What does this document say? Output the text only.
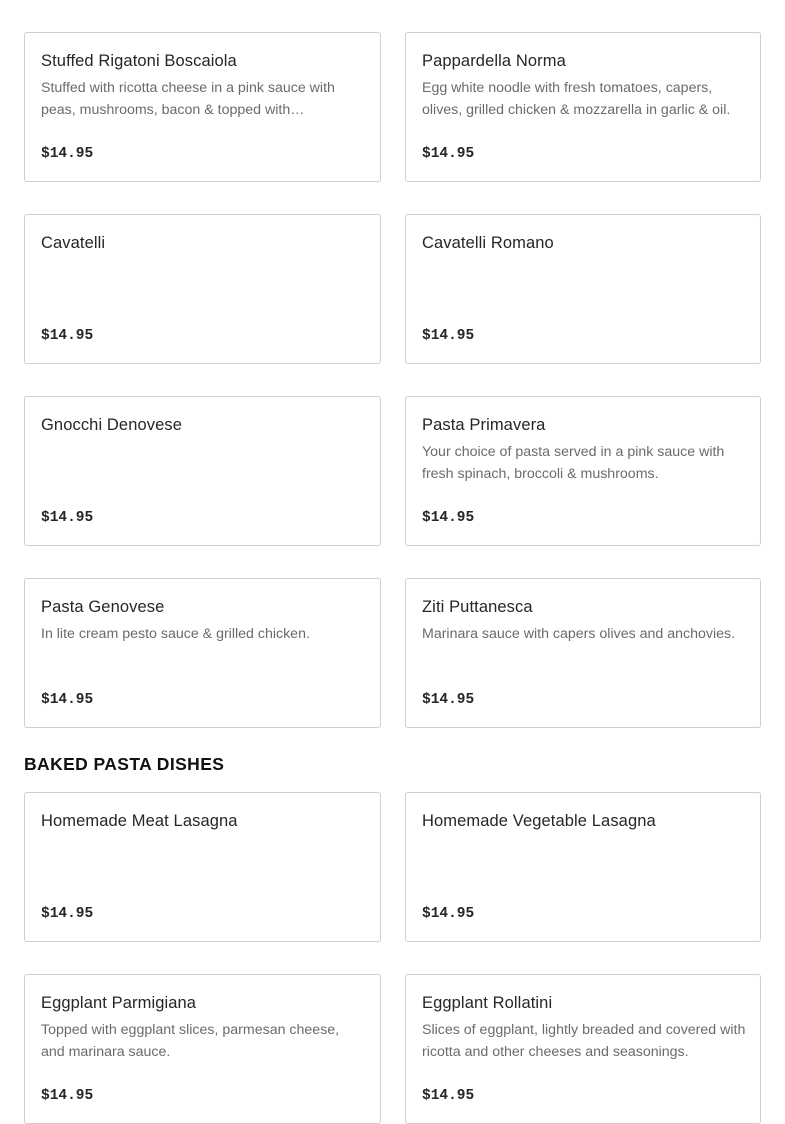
Stuffed Rigatoni Boscaiola
Stuffed with ricotta cheese in a pink sauce with peas, mushrooms, bacon & topped with…
$14.95
Pappardella Norma
Egg white noodle with fresh tomatoes, capers, olives, grilled chicken & mozzarella in garlic & oil.
$14.95
Cavatelli
$14.95
Cavatelli Romano
$14.95
Gnocchi Denovese
$14.95
Pasta Primavera
Your choice of pasta served in a pink sauce with fresh spinach, broccoli & mushrooms.
$14.95
Pasta Genovese
In lite cream pesto sauce & grilled chicken.
$14.95
Ziti Puttanesca
Marinara sauce with capers olives and anchovies.
$14.95
BAKED PASTA DISHES
Homemade Meat Lasagna
$14.95
Homemade Vegetable Lasagna
$14.95
Eggplant Parmigiana
Topped with eggplant slices, parmesan cheese, and marinara sauce.
$14.95
Eggplant Rollatini
Slices of eggplant, lightly breaded and covered with ricotta and other cheeses and seasonings.
$14.95
